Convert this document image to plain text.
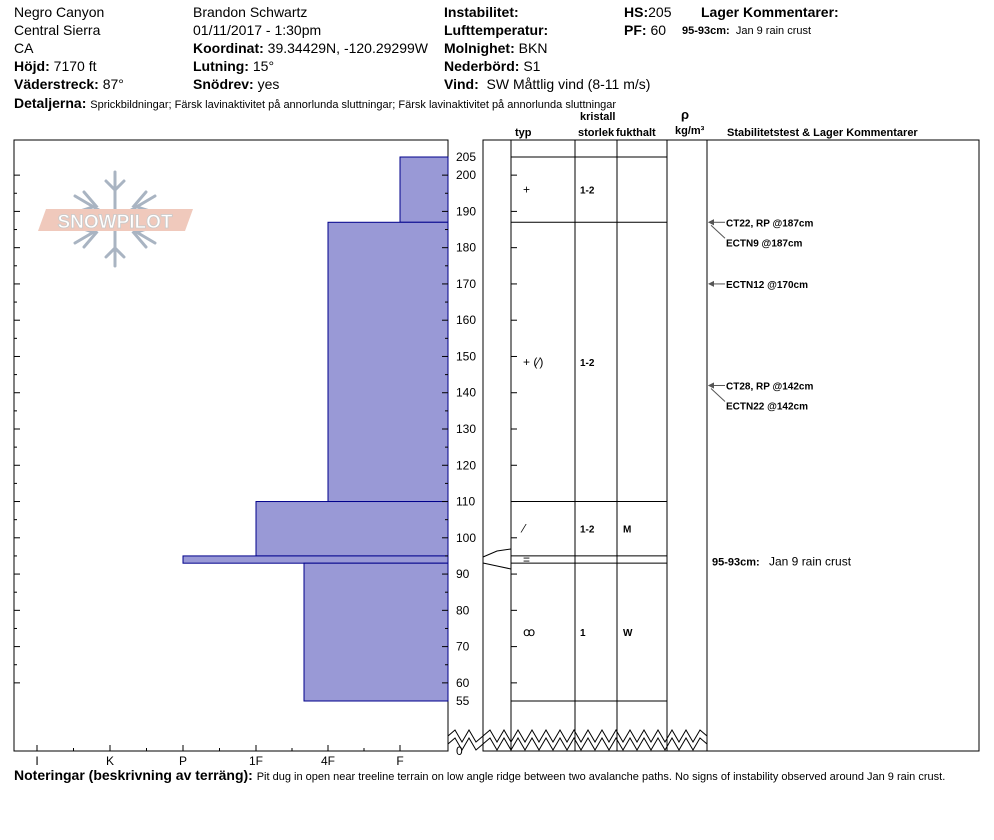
Negro Canyon
Central Sierra
CA
Höjd: 7170 ft
Väderstreck: 87°
Brandon Schwartz
01/11/2017 - 1:30pm
Koordinat: 39.34429N, -120.29299W
Lutning: 15°
Snödrev: yes
Instabilitet:
Lufttemperatur:
Molnighet: BKN
Nederbörd: S1
Vind: SW Måttlig vind (8-11 m/s)
HS:205
PF: 60
Lager Kommentarer:
95-93cm: Jan 9 rain crust
Detaljerna: Sprickbildningar; Färsk lavinaktivitet på annorlunda sluttningar; Färsk lavinaktivitet på annorlunda sluttningar
kristall	ρ
typ	storlek fukthalt kg/m³ Stabilitetstest & Lager Kommentarer
Noteringar (beskrivning av terräng): Pit dug in open near treeline terrain on low angle ridge between two avalanche paths. No signs of instability observed around Jan 9 rain crust.
SNOWPILOT
+	1-2
+ (⁄)	1-2
⁄	1-2	M
=
ꝏ	1	W
205
200
190
180
170
160
150
140
130
120
110
100
90
80
70
60
55
0
I	K	P	1F	4F	F
CT22, RP @187cm
ECTN9 @187cm
ECTN12 @170cm
CT28, RP @142cm
ECTN22 @142cm
95-93cm: Jan 9 rain crust
